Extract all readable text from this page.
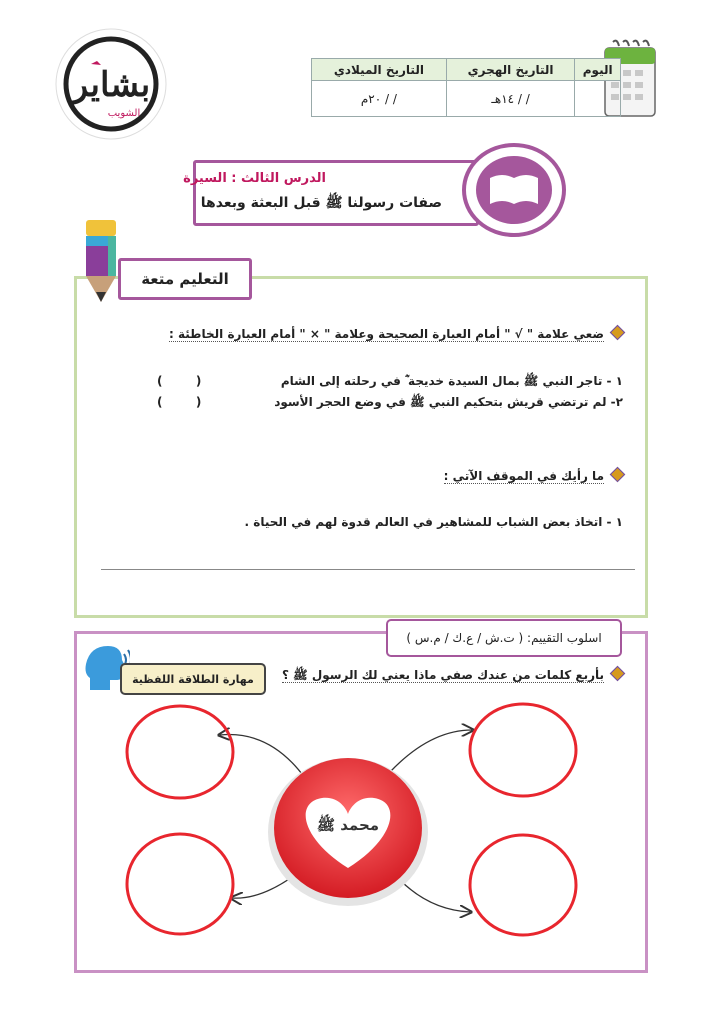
بشاير
الشويب
اليوم	التاريخ الهجري	التاريخ الميلادي
	/ / ١٤هـ	/ / ٢٠م
الدرس الثالث : السيرة
صفات رسولنا ﷺ قبل البعثة وبعدها
ضعي علامة " √ " أمام العبارة الصحيحة وعلامة " × " أمام العبارة الخاطئة :
١ - تاجر النبي ﷺ بمال السيدة خديجة ؓ في رحلته إلى الشام
(        )
٢- لم ترتضي قريش بتحكيم النبي ﷺ في وضع الحجر الأسود
(        )
ما رأيك في الموقف الآتي :
١ - اتخاذ بعض الشباب للمشاهير في العالم قدوة لهم في الحياة .
التعليم متعة
بأربع كلمات من عندك صفي ماذا يعني لك الرسول ﷺ ؟
اسلوب التقييم: ( ت.ش / ع.ك / م.س )
مهارة الطلاقة اللفظية
محمد ﷺ
